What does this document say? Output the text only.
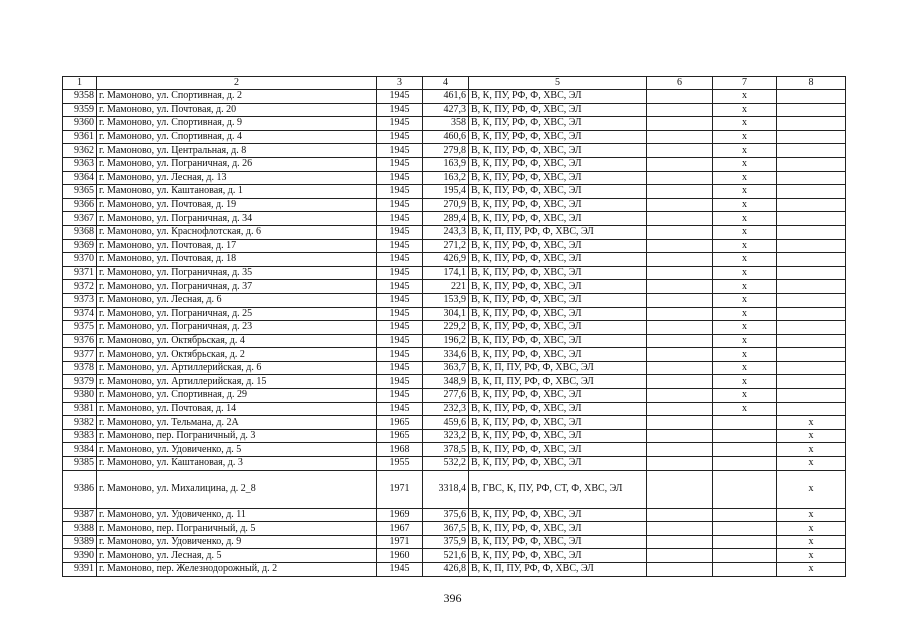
1	2	3	4	5	6	7	8
9358	г. Мамоново, ул. Спортивная, д. 2	1945	461,6	В, К, ПУ, РФ, Ф, ХВС, ЭЛ		х	
9359	г. Мамоново, ул. Почтовая, д. 20	1945	427,3	В, К, ПУ, РФ, Ф, ХВС, ЭЛ		х	
9360	г. Мамоново, ул. Спортивная, д. 9	1945	358	В, К, ПУ, РФ, Ф, ХВС, ЭЛ		х	
9361	г. Мамоново, ул. Спортивная, д. 4	1945	460,6	В, К, ПУ, РФ, Ф, ХВС, ЭЛ		х	
9362	г. Мамоново, ул. Центральная, д. 8	1945	279,8	В, К, ПУ, РФ, Ф, ХВС, ЭЛ		х	
9363	г. Мамоново, ул. Пограничная, д. 26	1945	163,9	В, К, ПУ, РФ, Ф, ХВС, ЭЛ		х	
9364	г. Мамоново, ул. Лесная, д. 13	1945	163,2	В, К, ПУ, РФ, Ф, ХВС, ЭЛ		х	
9365	г. Мамоново, ул. Каштановая, д. 1	1945	195,4	В, К, ПУ, РФ, Ф, ХВС, ЭЛ		х	
9366	г. Мамоново, ул. Почтовая, д. 19	1945	270,9	В, К, ПУ, РФ, Ф, ХВС, ЭЛ		х	
9367	г. Мамоново, ул. Пограничная, д. 34	1945	289,4	В, К, ПУ, РФ, Ф, ХВС, ЭЛ		х	
9368	г. Мамоново, ул. Краснофлотская, д. 6	1945	243,3	В, К, П, ПУ, РФ, Ф, ХВС, ЭЛ		х	
9369	г. Мамоново, ул. Почтовая, д. 17	1945	271,2	В, К, ПУ, РФ, Ф, ХВС, ЭЛ		х	
9370	г. Мамоново, ул. Почтовая, д. 18	1945	426,9	В, К, ПУ, РФ, Ф, ХВС, ЭЛ		х	
9371	г. Мамоново, ул. Пограничная, д. 35	1945	174,1	В, К, ПУ, РФ, Ф, ХВС, ЭЛ		х	
9372	г. Мамоново, ул. Пограничная, д. 37	1945	221	В, К, ПУ, РФ, Ф, ХВС, ЭЛ		х	
9373	г. Мамоново, ул. Лесная, д. 6	1945	153,9	В, К, ПУ, РФ, Ф, ХВС, ЭЛ		х	
9374	г. Мамоново, ул. Пограничная, д. 25	1945	304,1	В, К, ПУ, РФ, Ф, ХВС, ЭЛ		х	
9375	г. Мамоново, ул. Пограничная, д. 23	1945	229,2	В, К, ПУ, РФ, Ф, ХВС, ЭЛ		х	
9376	г. Мамоново, ул. Октябрьская, д. 4	1945	196,2	В, К, ПУ, РФ, Ф, ХВС, ЭЛ		х	
9377	г. Мамоново, ул. Октябрьская, д. 2	1945	334,6	В, К, ПУ, РФ, Ф, ХВС, ЭЛ		х	
9378	г. Мамоново, ул. Артиллерийская, д. 6	1945	363,7	В, К, П, ПУ, РФ, Ф, ХВС, ЭЛ		х	
9379	г. Мамоново, ул. Артиллерийская, д. 15	1945	348,9	В, К, П, ПУ, РФ, Ф, ХВС, ЭЛ		х	
9380	г. Мамоново, ул. Спортивная, д. 29	1945	277,6	В, К, ПУ, РФ, Ф, ХВС, ЭЛ		х	
9381	г. Мамоново, ул. Почтовая, д. 14	1945	232,3	В, К, ПУ, РФ, Ф, ХВС, ЭЛ		х	
9382	г. Мамоново, ул. Тельмана, д. 2А	1965	459,6	В, К, ПУ, РФ, Ф, ХВС, ЭЛ			х
9383	г. Мамоново, пер. Пограничный, д. 3	1965	323,2	В, К, ПУ, РФ, Ф, ХВС, ЭЛ			х
9384	г. Мамоново, ул. Удовиченко, д. 5	1968	378,5	В, К, ПУ, РФ, Ф, ХВС, ЭЛ			х
9385	г. Мамоново, ул. Каштановая, д. 3	1955	532,2	В, К, ПУ, РФ, Ф, ХВС, ЭЛ			х
9386	г. Мамоново, ул. Михалицина, д. 2_8	1971	3318,4	В, ГВС, К, ПУ, РФ, СТ, Ф, ХВС, ЭЛ			х
9387	г. Мамоново, ул. Удовиченко, д. 11	1969	375,6	В, К, ПУ, РФ, Ф, ХВС, ЭЛ			х
9388	г. Мамоново, пер. Пограничный, д. 5	1967	367,5	В, К, ПУ, РФ, Ф, ХВС, ЭЛ			х
9389	г. Мамоново, ул. Удовиченко, д. 9	1971	375,9	В, К, ПУ, РФ, Ф, ХВС, ЭЛ			х
9390	г. Мамоново, ул. Лесная, д. 5	1960	521,6	В, К, ПУ, РФ, Ф, ХВС, ЭЛ			х
9391	г. Мамоново, пер. Железнодорожный, д. 2	1945	426,8	В, К, П, ПУ, РФ, Ф, ХВС, ЭЛ			х
396
